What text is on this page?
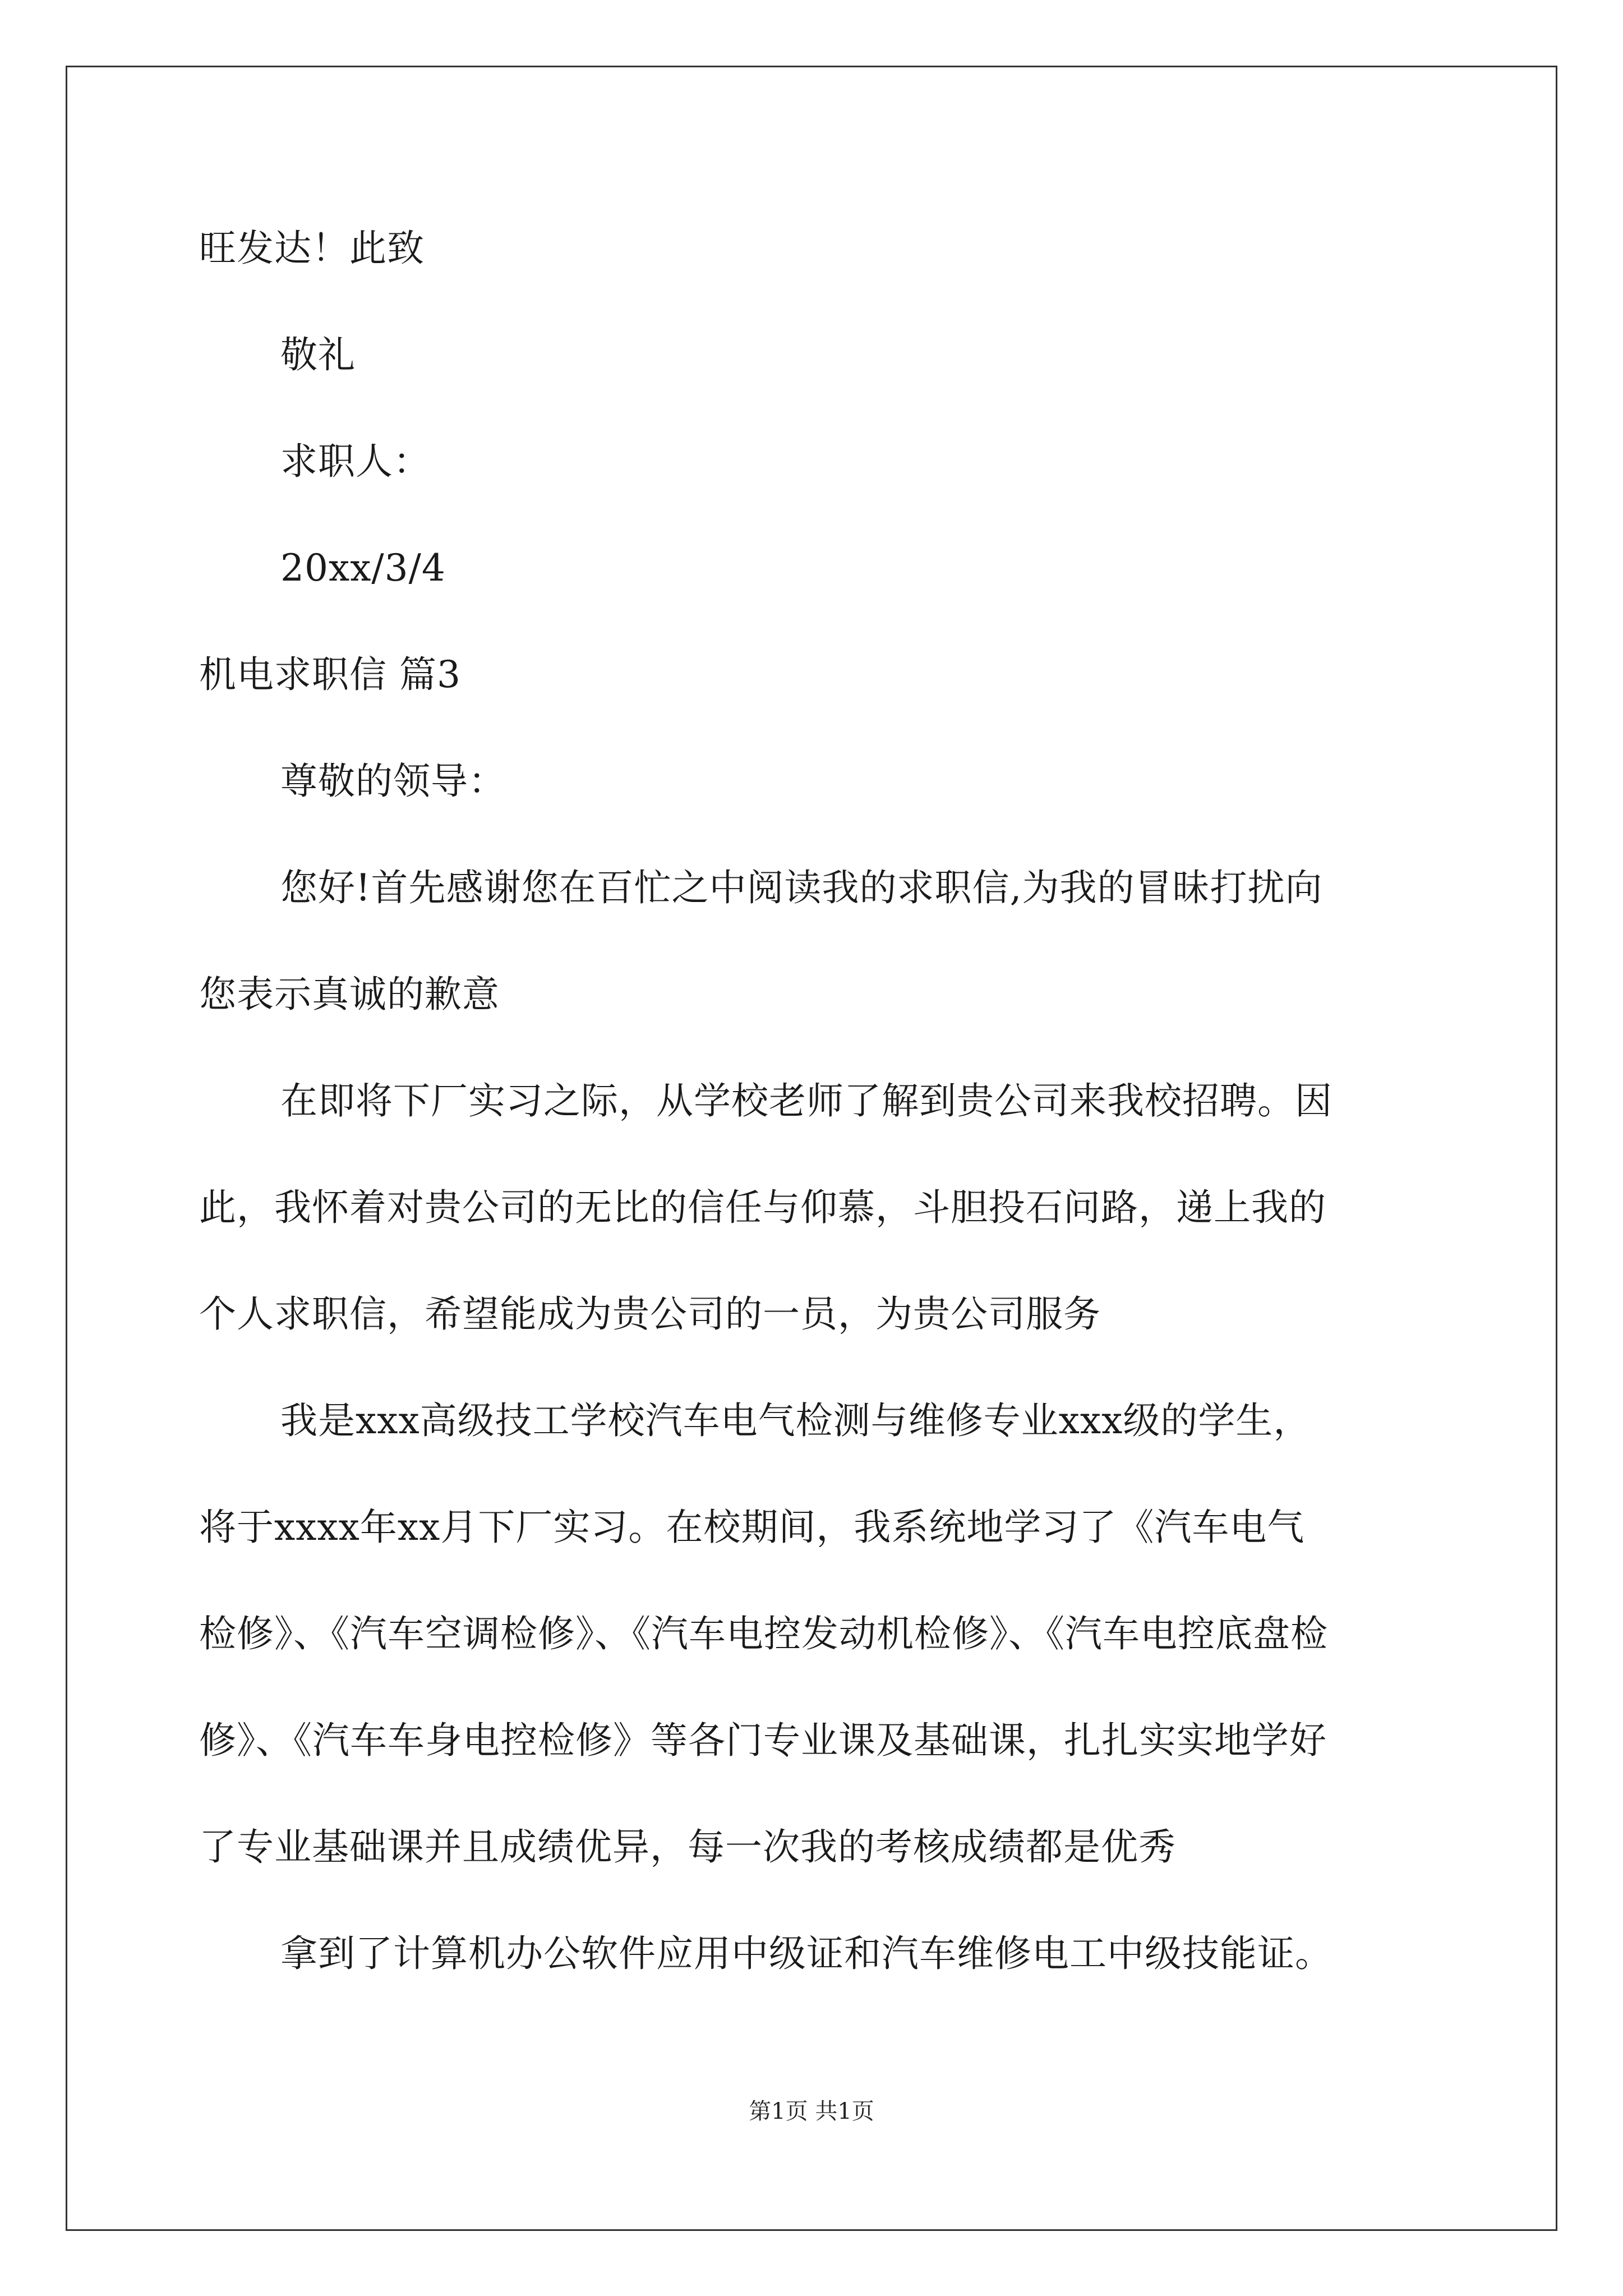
旺发达！此致
敬礼
求职人：
20xx/3/4
机电求职信 篇3
尊敬的领导：
您好!首先感谢您在百忙之中阅读我的求职信,为我的冒昧打扰向
您表示真诚的歉意
在即将下厂实习之际，从学校老师了解到贵公司来我校招聘。因
此，我怀着对贵公司的无比的信任与仰慕，斗胆投石问路，递上我的
个人求职信，希望能成为贵公司的一员，为贵公司服务
我是xxx高级技工学校汽车电气检测与维修专业xxx级的学生，
将于xxxx年xx月下厂实习。在校期间，我系统地学习了《汽车电气
检修》、《汽车空调检修》、《汽车电控发动机检修》、《汽车电控底盘检
修》、《汽车车身电控检修》等各门专业课及基础课，扎扎实实地学好
了专业基础课并且成绩优异，每一次我的考核成绩都是优秀
拿到了计算机办公软件应用中级证和汽车维修电工中级技能证。
第1页 共1页
